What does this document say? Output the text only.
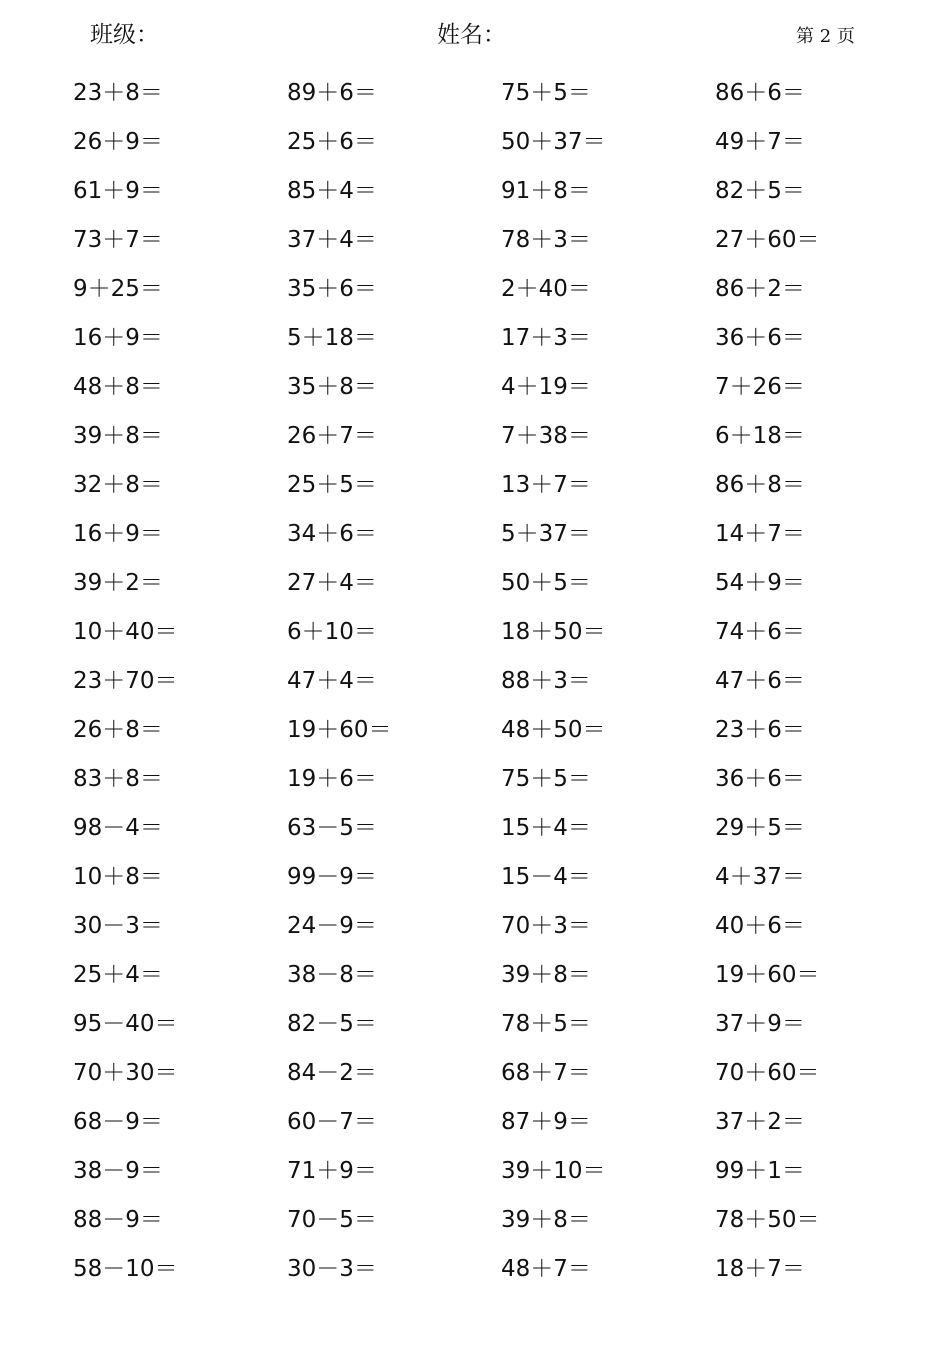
班级：	姓名：	第 2 页
23＋8＝	89＋6＝	75＋5＝	86＋6＝
26＋9＝	25＋6＝	50＋37＝	49＋7＝
61＋9＝	85＋4＝	91＋8＝	82＋5＝
73＋7＝	37＋4＝	78＋3＝	27＋60＝
9＋25＝	35＋6＝	2＋40＝	86＋2＝
16＋9＝	5＋18＝	17＋3＝	36＋6＝
48＋8＝	35＋8＝	4＋19＝	7＋26＝
39＋8＝	26＋7＝	7＋38＝	6＋18＝
32＋8＝	25＋5＝	13＋7＝	86＋8＝
16＋9＝	34＋6＝	5＋37＝	14＋7＝
39＋2＝	27＋4＝	50＋5＝	54＋9＝
10＋40＝	6＋10＝	18＋50＝	74＋6＝
23＋70＝	47＋4＝	88＋3＝	47＋6＝
26＋8＝	19＋60＝	48＋50＝	23＋6＝
83＋8＝	19＋6＝	75＋5＝	36＋6＝
98－4＝	63－5＝	15＋4＝	29＋5＝
10＋8＝	99－9＝	15－4＝	4＋37＝
30－3＝	24－9＝	70＋3＝	40＋6＝
25＋4＝	38－8＝	39＋8＝	19＋60＝
95－40＝	82－5＝	78＋5＝	37＋9＝
70＋30＝	84－2＝	68＋7＝	70＋60＝
68－9＝	60－7＝	87＋9＝	37＋2＝
38－9＝	71＋9＝	39＋10＝	99＋1＝
88－9＝	70－5＝	39＋8＝	78＋50＝
58－10＝	30－3＝	48＋7＝	18＋7＝
